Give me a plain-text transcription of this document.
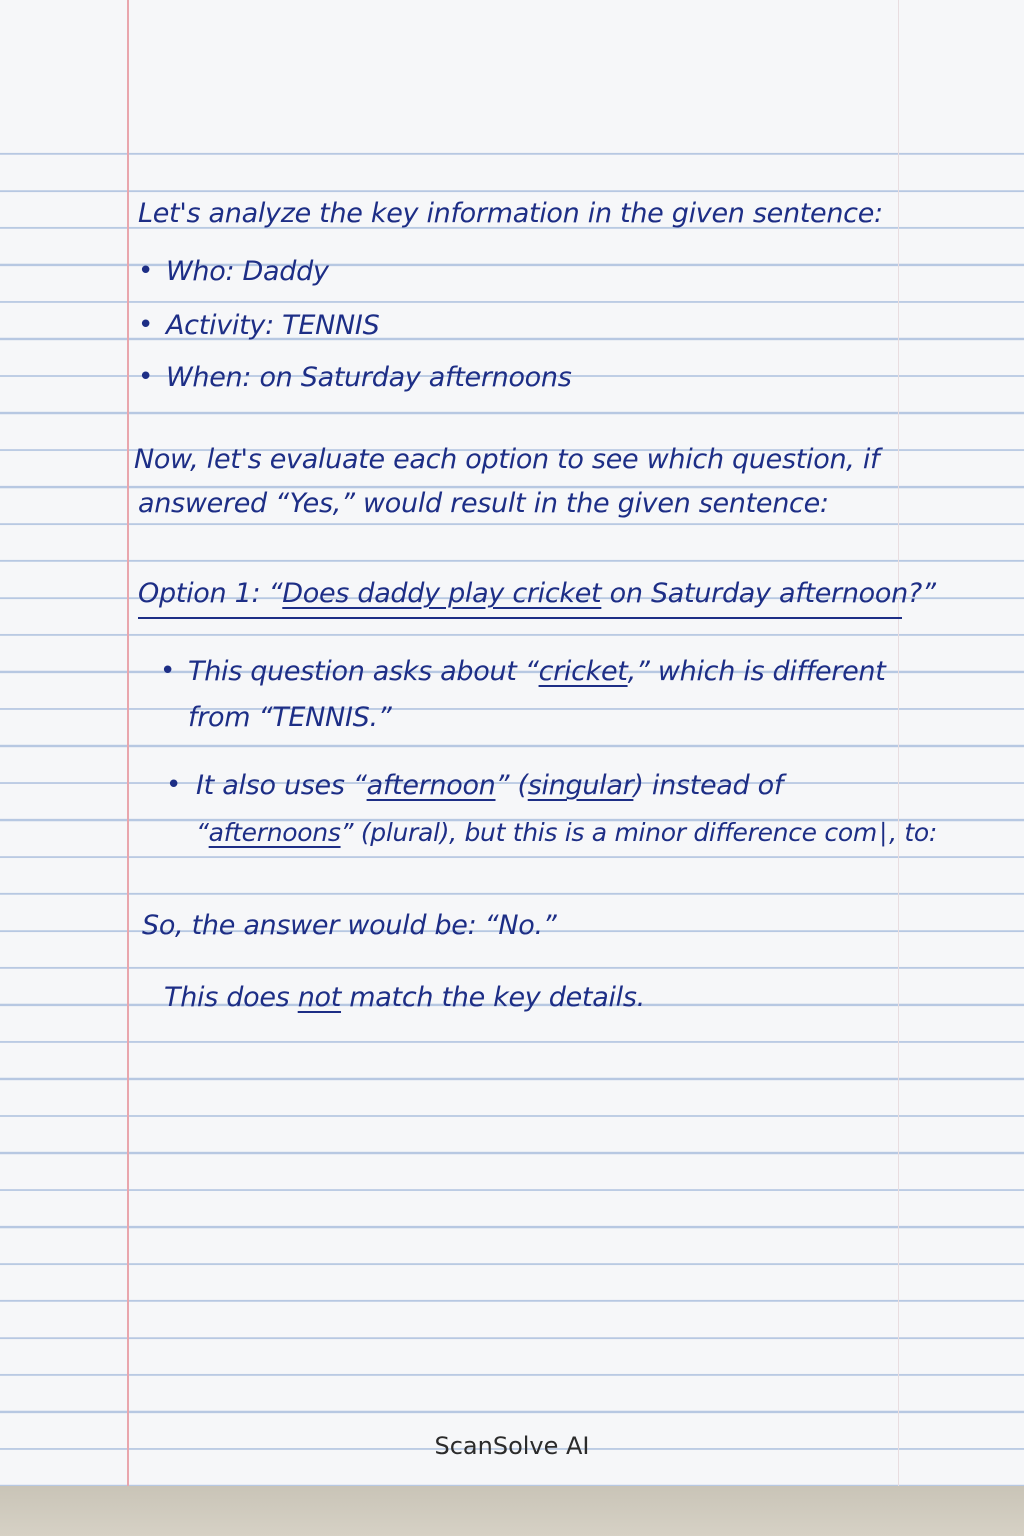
Let's analyze the key information in the given sentence:
• Who: Daddy
• Activity: TENNIS
• When: on Saturday afternoons
Now, let's evaluate each option to see which question, if
answered “Yes,” would result in the given sentence:
Option 1: “Does daddy play cricket on Saturday afternoon?”
• This question asks about “cricket,” which is different
from “TENNIS.”
• It also uses “afternoon” (singular) instead of
“afternoons” (plural), but this is a minor difference com∣, to:
So, the answer would be: “No.”
This does not match the key details.
ScanSolve AI
